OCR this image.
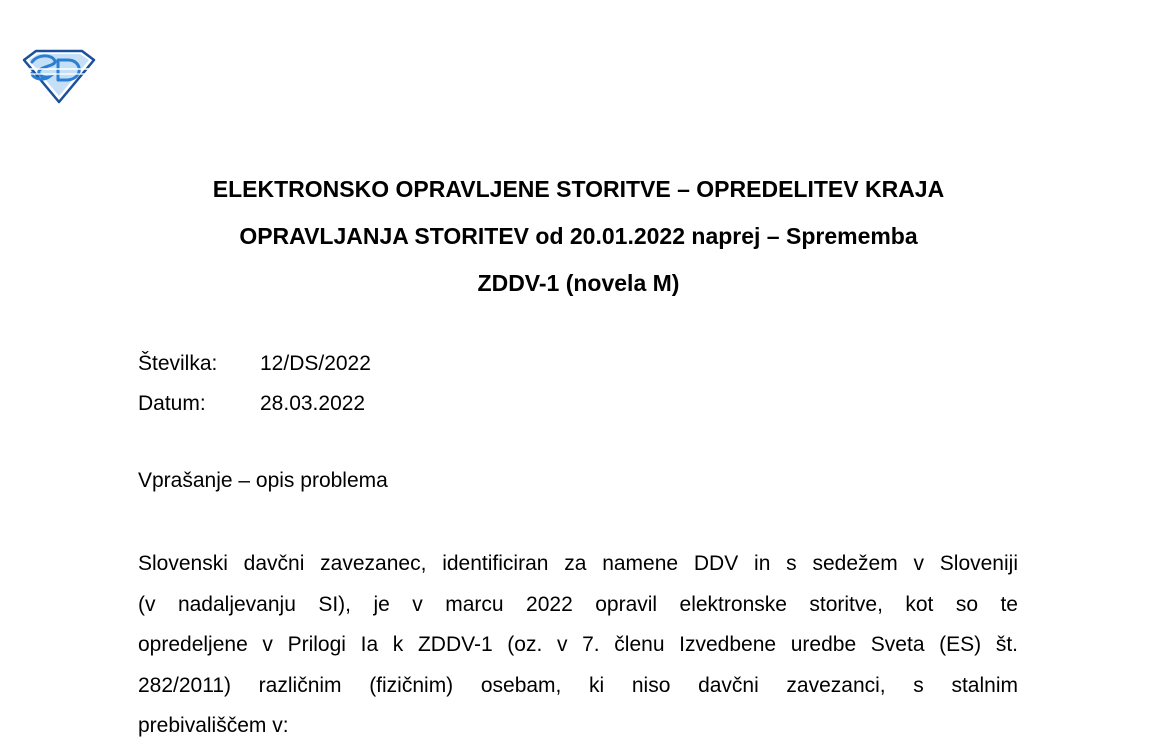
ELEKTRONSKO OPRAVLJENE STORITVE – OPREDELITEV KRAJA
OPRAVLJANJA STORITEV od 20.01.2022 naprej – Sprememba
ZDDV-1 (novela M)
Številka:	12/DS/2022
Datum:	28.03.2022
Vprašanje – opis problema
Slovenski davčni zavezanec, identificiran za namene DDV in s sedežem v Sloveniji
(v nadaljevanju SI), je v marcu 2022 opravil elektronske storitve, kot so te
opredeljene v Prilogi Ia k ZDDV-1 (oz. v 7. členu Izvedbene uredbe Sveta (ES) št.
282/2011) različnim (fizičnim) osebam, ki niso davčni zavezanci, s stalnim
prebivališčem v:
